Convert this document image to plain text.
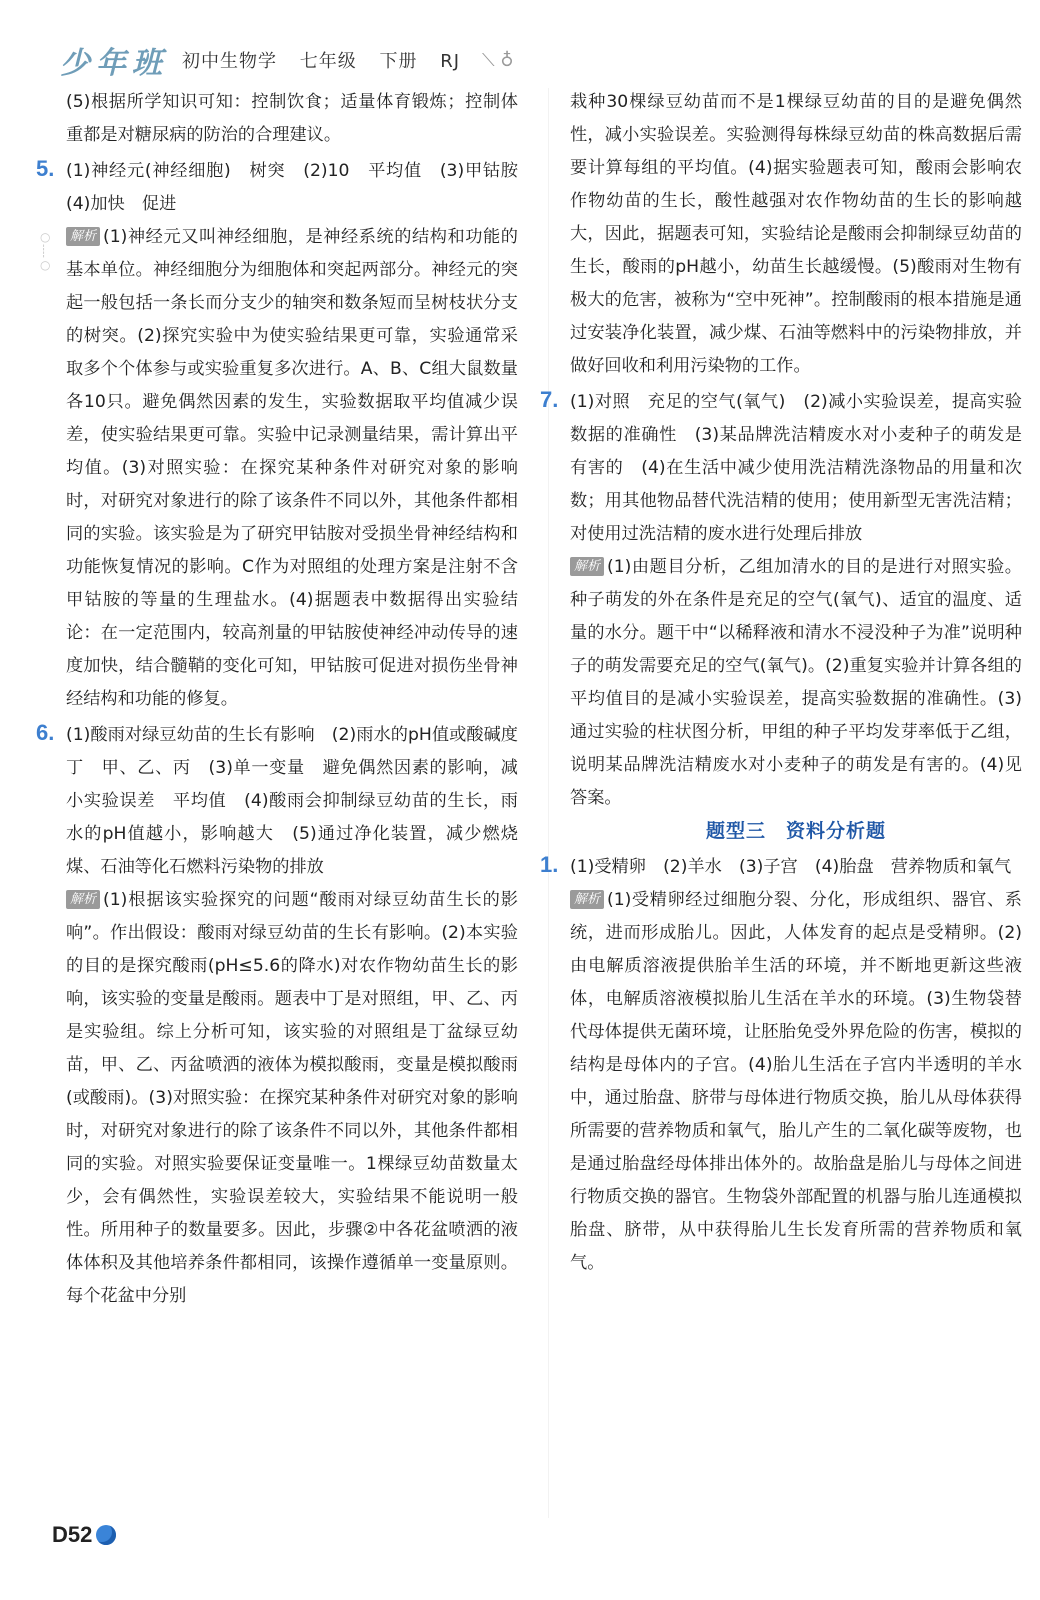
少年班 初中生物学 七年级 下册 RJ	⟍ ♁
○
┊
○

(5)根据所学知识可知：控制饮食；适量体育锻炼；控制体重都是对糖尿病的防治的合理建议。

5. (1)神经元(神经细胞)　树突　(2)10　平均值　(3)甲钴胺　(4)加快　促进

解析 (1)神经元又叫神经细胞，是神经系统的结构和功能的基本单位。神经细胞分为细胞体和突起两部分。神经元的突起一般包括一条长而分支少的轴突和数条短而呈树枝状分支的树突。(2)探究实验中为使实验结果更可靠，实验通常采取多个个体参与或实验重复多次进行。A、B、C组大鼠数量各10只。避免偶然因素的发生，实验数据取平均值减少误差，使实验结果更可靠。实验中记录测量结果，需计算出平均值。(3)对照实验：在探究某种条件对研究对象的影响时，对研究对象进行的除了该条件不同以外，其他条件都相同的实验。该实验是为了研究甲钴胺对受损坐骨神经结构和功能恢复情况的影响。C作为对照组的处理方案是注射不含甲钴胺的等量的生理盐水。(4)据题表中数据得出实验结论：在一定范围内，较高剂量的甲钴胺使神经冲动传导的速度加快，结合髓鞘的变化可知，甲钴胺可促进对损伤坐骨神经结构和功能的修复。

6. (1)酸雨对绿豆幼苗的生长有影响　(2)雨水的pH值或酸碱度　丁　甲、乙、丙　(3)单一变量　避免偶然因素的影响，减小实验误差　平均值　(4)酸雨会抑制绿豆幼苗的生长，雨水的pH值越小，影响越大　(5)通过净化装置，减少燃烧煤、石油等化石燃料污染物的排放

解析 (1)根据该实验探究的问题“酸雨对绿豆幼苗生长的影响”。作出假设：酸雨对绿豆幼苗的生长有影响。(2)本实验的目的是探究酸雨(pH≤5.6的降水)对农作物幼苗生长的影响，该实验的变量是酸雨。题表中丁是对照组，甲、乙、丙是实验组。综上分析可知，该实验的对照组是丁盆绿豆幼苗，甲、乙、丙盆喷洒的液体为模拟酸雨，变量是模拟酸雨(或酸雨)。(3)对照实验：在探究某种条件对研究对象的影响时，对研究对象进行的除了该条件不同以外，其他条件都相同的实验。对照实验要保证变量唯一。1棵绿豆幼苗数量太少，会有偶然性，实验误差较大，实验结果不能说明一般性。所用种子的数量要多。因此，步骤②中各花盆喷洒的液体体积及其他培养条件都相同，该操作遵循单一变量原则。每个花盆中分别

栽种30棵绿豆幼苗而不是1棵绿豆幼苗的目的是避免偶然性，减小实验误差。实验测得每株绿豆幼苗的株高数据后需要计算每组的平均值。(4)据实验题表可知，酸雨会影响农作物幼苗的生长，酸性越强对农作物幼苗的生长的影响越大，因此，据题表可知，实验结论是酸雨会抑制绿豆幼苗的生长，酸雨的pH越小，幼苗生长越缓慢。(5)酸雨对生物有极大的危害，被称为“空中死神”。控制酸雨的根本措施是通过安装净化装置，减少煤、石油等燃料中的污染物排放，并做好回收和利用污染物的工作。

7. (1)对照　充足的空气(氧气)　(2)减小实验误差，提高实验数据的准确性　(3)某品牌洗洁精废水对小麦种子的萌发是有害的　(4)在生活中减少使用洗洁精洗涤物品的用量和次数；用其他物品替代洗洁精的使用；使用新型无害洗洁精；对使用过洗洁精的废水进行处理后排放

解析 (1)由题目分析，乙组加清水的目的是进行对照实验。种子萌发的外在条件是充足的空气(氧气)、适宜的温度、适量的水分。题干中“以稀释液和清水不浸没种子为准”说明种子的萌发需要充足的空气(氧气)。(2)重复实验并计算各组的平均值目的是减小实验误差，提高实验数据的准确性。(3)通过实验的柱状图分析，甲组的种子平均发芽率低于乙组，说明某品牌洗洁精废水对小麦种子的萌发是有害的。(4)见答案。

题型三　资料分析题

1. (1)受精卵　(2)羊水　(3)子宫　(4)胎盘　营养物质和氧气

解析 (1)受精卵经过细胞分裂、分化，形成组织、器官、系统，进而形成胎儿。因此，人体发育的起点是受精卵。(2)由电解质溶液提供胎羊生活的环境，并不断地更新这些液体，电解质溶液模拟胎儿生活在羊水的环境。(3)生物袋替代母体提供无菌环境，让胚胎免受外界危险的伤害，模拟的结构是母体内的子宫。(4)胎儿生活在子宫内半透明的羊水中，通过胎盘、脐带与母体进行物质交换，胎儿从母体获得所需要的营养物质和氧气，胎儿产生的二氧化碳等废物，也是通过胎盘经母体排出体外的。故胎盘是胎儿与母体之间进行物质交换的器官。生物袋外部配置的机器与胎儿连通模拟胎盘、脐带，从中获得胎儿生长发育所需的营养物质和氧气。

D52
